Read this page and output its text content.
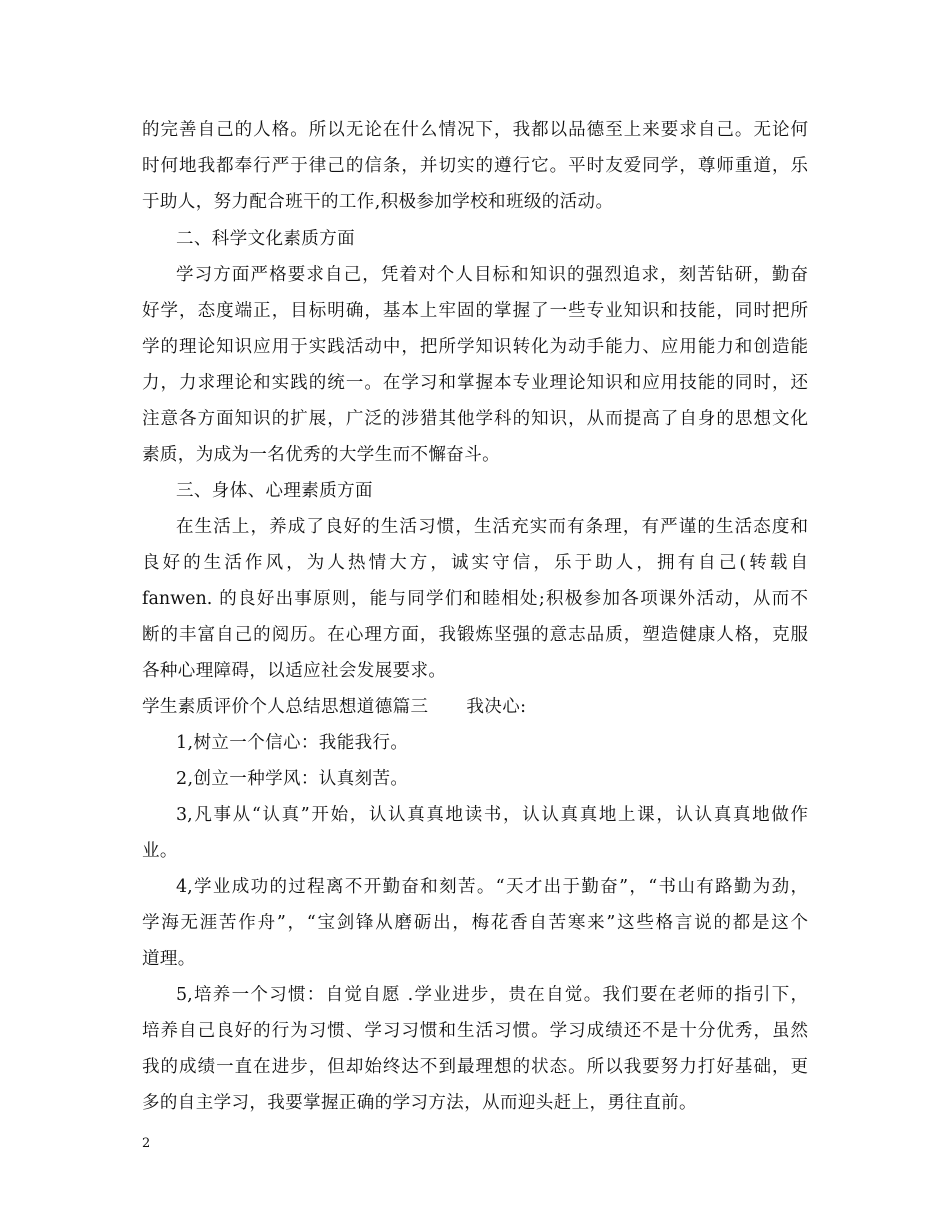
的完善自己的人格。所以无论在什么情况下，我都以品德至上来要求自己。无论何
时何地我都奉行严于律己的信条，并切实的遵行它。平时友爱同学，尊师重道，乐
于助人，努力配合班干的工作,积极参加学校和班级的活动。
二、科学文化素质方面
学习方面严格要求自己，凭着对个人目标和知识的强烈追求，刻苦钻研，勤奋
好学，态度端正，目标明确，基本上牢固的掌握了一些专业知识和技能，同时把所
学的理论知识应用于实践活动中，把所学知识转化为动手能力、应用能力和创造能
力，力求理论和实践的统一。在学习和掌握本专业理论知识和应用技能的同时，还
注意各方面知识的扩展，广泛的涉猎其他学科的知识，从而提高了自身的思想文化
素质，为成为一名优秀的大学生而不懈奋斗。
三、身体、心理素质方面
在生活上，养成了良好的生活习惯，生活充实而有条理，有严谨的生活态度和
良好的生活作风，为人热情大方，诚实守信，乐于助人，拥有自己(转载自
fanwen. 的良好出事原则，能与同学们和睦相处;积极参加各项课外活动，从而不
断的丰富自己的阅历。在心理方面，我锻炼坚强的意志品质，塑造健康人格，克服
各种心理障碍，以适应社会发展要求。
学生素质评价个人总结思想道德篇三 我决心:
1,树立一个信心：我能我行。
2,创立一种学风：认真刻苦。
3,凡事从“认真”开始，认认真真地读书，认认真真地上课，认认真真地做作
业。
4,学业成功的过程离不开勤奋和刻苦。“天才出于勤奋”，“书山有路勤为劲，
学海无涯苦作舟”，“宝剑锋从磨砺出，梅花香自苦寒来”这些格言说的都是这个
道理。
5,培养一个习惯：自觉自愿 .学业进步，贵在自觉。我们要在老师的指引下，
培养自己良好的行为习惯、学习习惯和生活习惯。学习成绩还不是十分优秀，虽然
我的成绩一直在进步，但却始终达不到最理想的状态。所以我要努力打好基础，更
多的自主学习，我要掌握正确的学习方法，从而迎头赶上，勇往直前。
2
